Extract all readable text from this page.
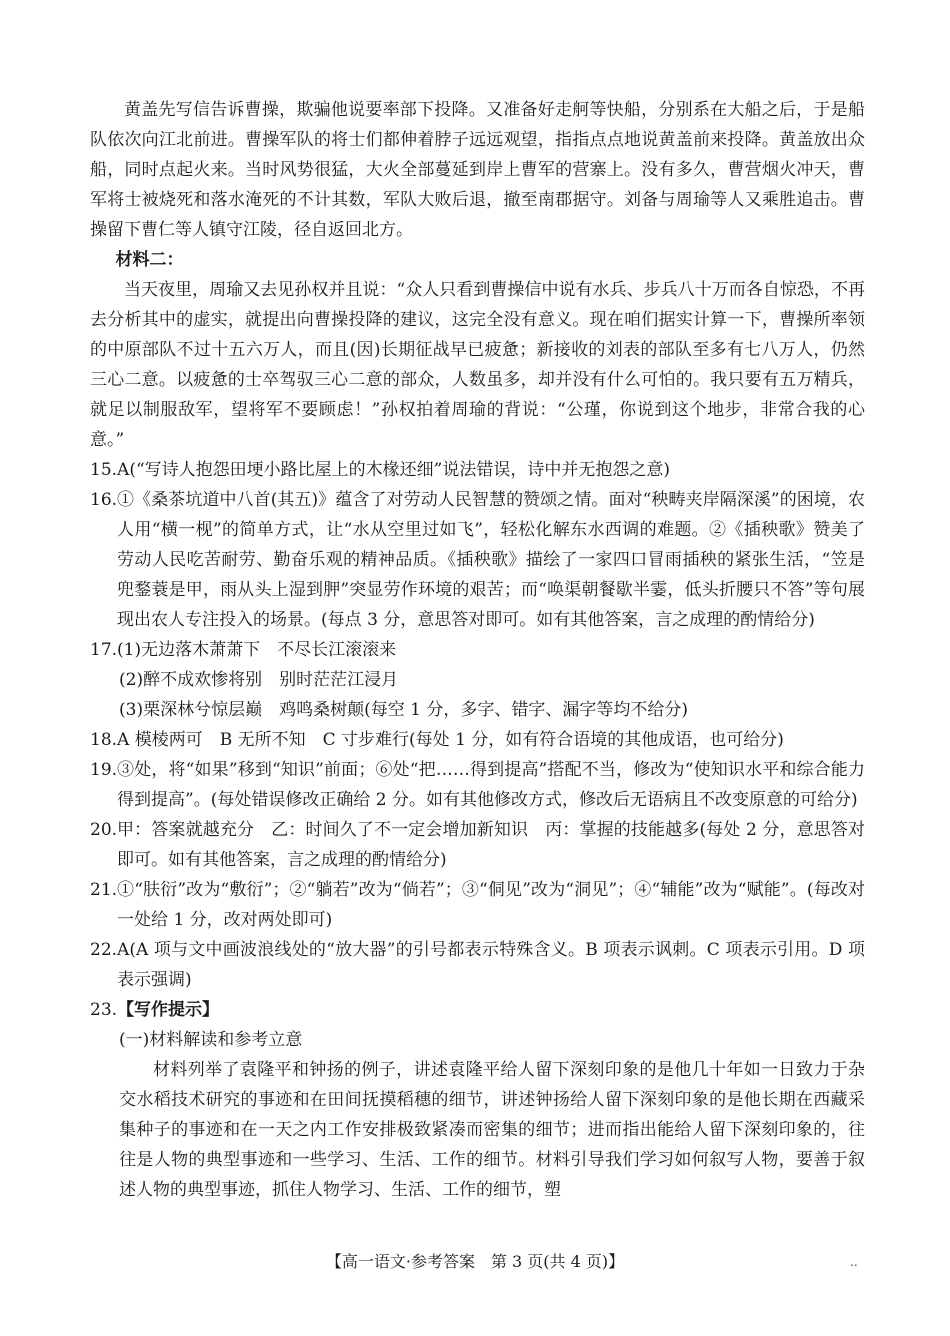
黄盖先写信告诉曹操，欺骗他说要率部下投降。又准备好走舸等快船，分别系在大船之后，于是船队依次向江北前进。曹操军队的将士们都伸着脖子远远观望，指指点点地说黄盖前来投降。黄盖放出众船，同时点起火来。当时风势很猛，大火全部蔓延到岸上曹军的营寨上。没有多久，曹营烟火冲天，曹军将士被烧死和落水淹死的不计其数，军队大败后退，撤至南郡据守。刘备与周瑜等人又乘胜追击。曹操留下曹仁等人镇守江陵，径自返回北方。

材料二：

当天夜里，周瑜又去见孙权并且说：“众人只看到曹操信中说有水兵、步兵八十万而各自惊恐，不再去分析其中的虚实，就提出向曹操投降的建议，这完全没有意义。现在咱们据实计算一下，曹操所率领的中原部队不过十五六万人，而且(因)长期征战早已疲惫；新接收的刘表的部队至多有七八万人，仍然三心二意。以疲惫的士卒驾驭三心二意的部众，人数虽多，却并没有什么可怕的。我只要有五万精兵，就足以制服敌军，望将军不要顾虑！”孙权拍着周瑜的背说：“公瑾，你说到这个地步，非常合我的心意。”

15. A(“写诗人抱怨田埂小路比屋上的木椽还细”说法错误，诗中并无抱怨之意)
16. ①《桑茶坑道中八首(其五)》蕴含了对劳动人民智慧的赞颂之情。面对“秧畴夹岸隔深溪”的困境，农人用“横一枧”的简单方式，让“水从空里过如飞”，轻松化解东水西调的难题。②《插秧歌》赞美了劳动人民吃苦耐劳、勤奋乐观的精神品质。《插秧歌》描绘了一家四口冒雨插秧的紧张生活，“笠是兜鍪蓑是甲，雨从头上湿到胛”突显劳作环境的艰苦；而“唤渠朝餐歇半霎，低头折腰只不答”等句展现出农人专注投入的场景。(每点 3 分，意思答对即可。如有其他答案，言之成理的酌情给分)
17. (1)无边落木萧萧下　不尽长江滚滚来

(2)醉不成欢惨将别　别时茫茫江浸月

(3)栗深林兮惊层巅　鸡鸣桑树颠(每空 1 分，多字、错字、漏字等均不给分)

18. A 模棱两可　B 无所不知　C 寸步难行(每处 1 分，如有符合语境的其他成语，也可给分)
19. ③处，将“如果”移到“知识”前面；⑥处“把……得到提高”搭配不当，修改为“使知识水平和综合能力得到提高”。(每处错误修改正确给 2 分。如有其他修改方式，修改后无语病且不改变原意的可给分)
20. 甲：答案就越充分　乙：时间久了不一定会增加新知识　丙：掌握的技能越多(每处 2 分，意思答对即可。如有其他答案，言之成理的酌情给分)
21. ①“肤衍”改为“敷衍”；②“躺若”改为“倘若”；③“侗见”改为“洞见”；④“辅能”改为“赋能”。(每改对一处给 1 分，改对两处即可)
22. A(A 项与文中画波浪线处的“放大器”的引号都表示特殊含义。B 项表示讽刺。C 项表示引用。D 项表示强调)
23. 【写作提示】

(一)材料解读和参考立意

材料列举了袁隆平和钟扬的例子，讲述袁隆平给人留下深刻印象的是他几十年如一日致力于杂交水稻技术研究的事迹和在田间抚摸稻穗的细节，讲述钟扬给人留下深刻印象的是他长期在西藏采集种子的事迹和在一天之内工作安排极致紧凑而密集的细节；进而指出能给人留下深刻印象的，往往是人物的典型事迹和一些学习、生活、工作的细节。材料引导我们学习如何叙写人物，要善于叙述人物的典型事迹，抓住人物学习、生活、工作的细节，塑

【高一语文·参考答案　第 3 页(共 4 页)】	..
